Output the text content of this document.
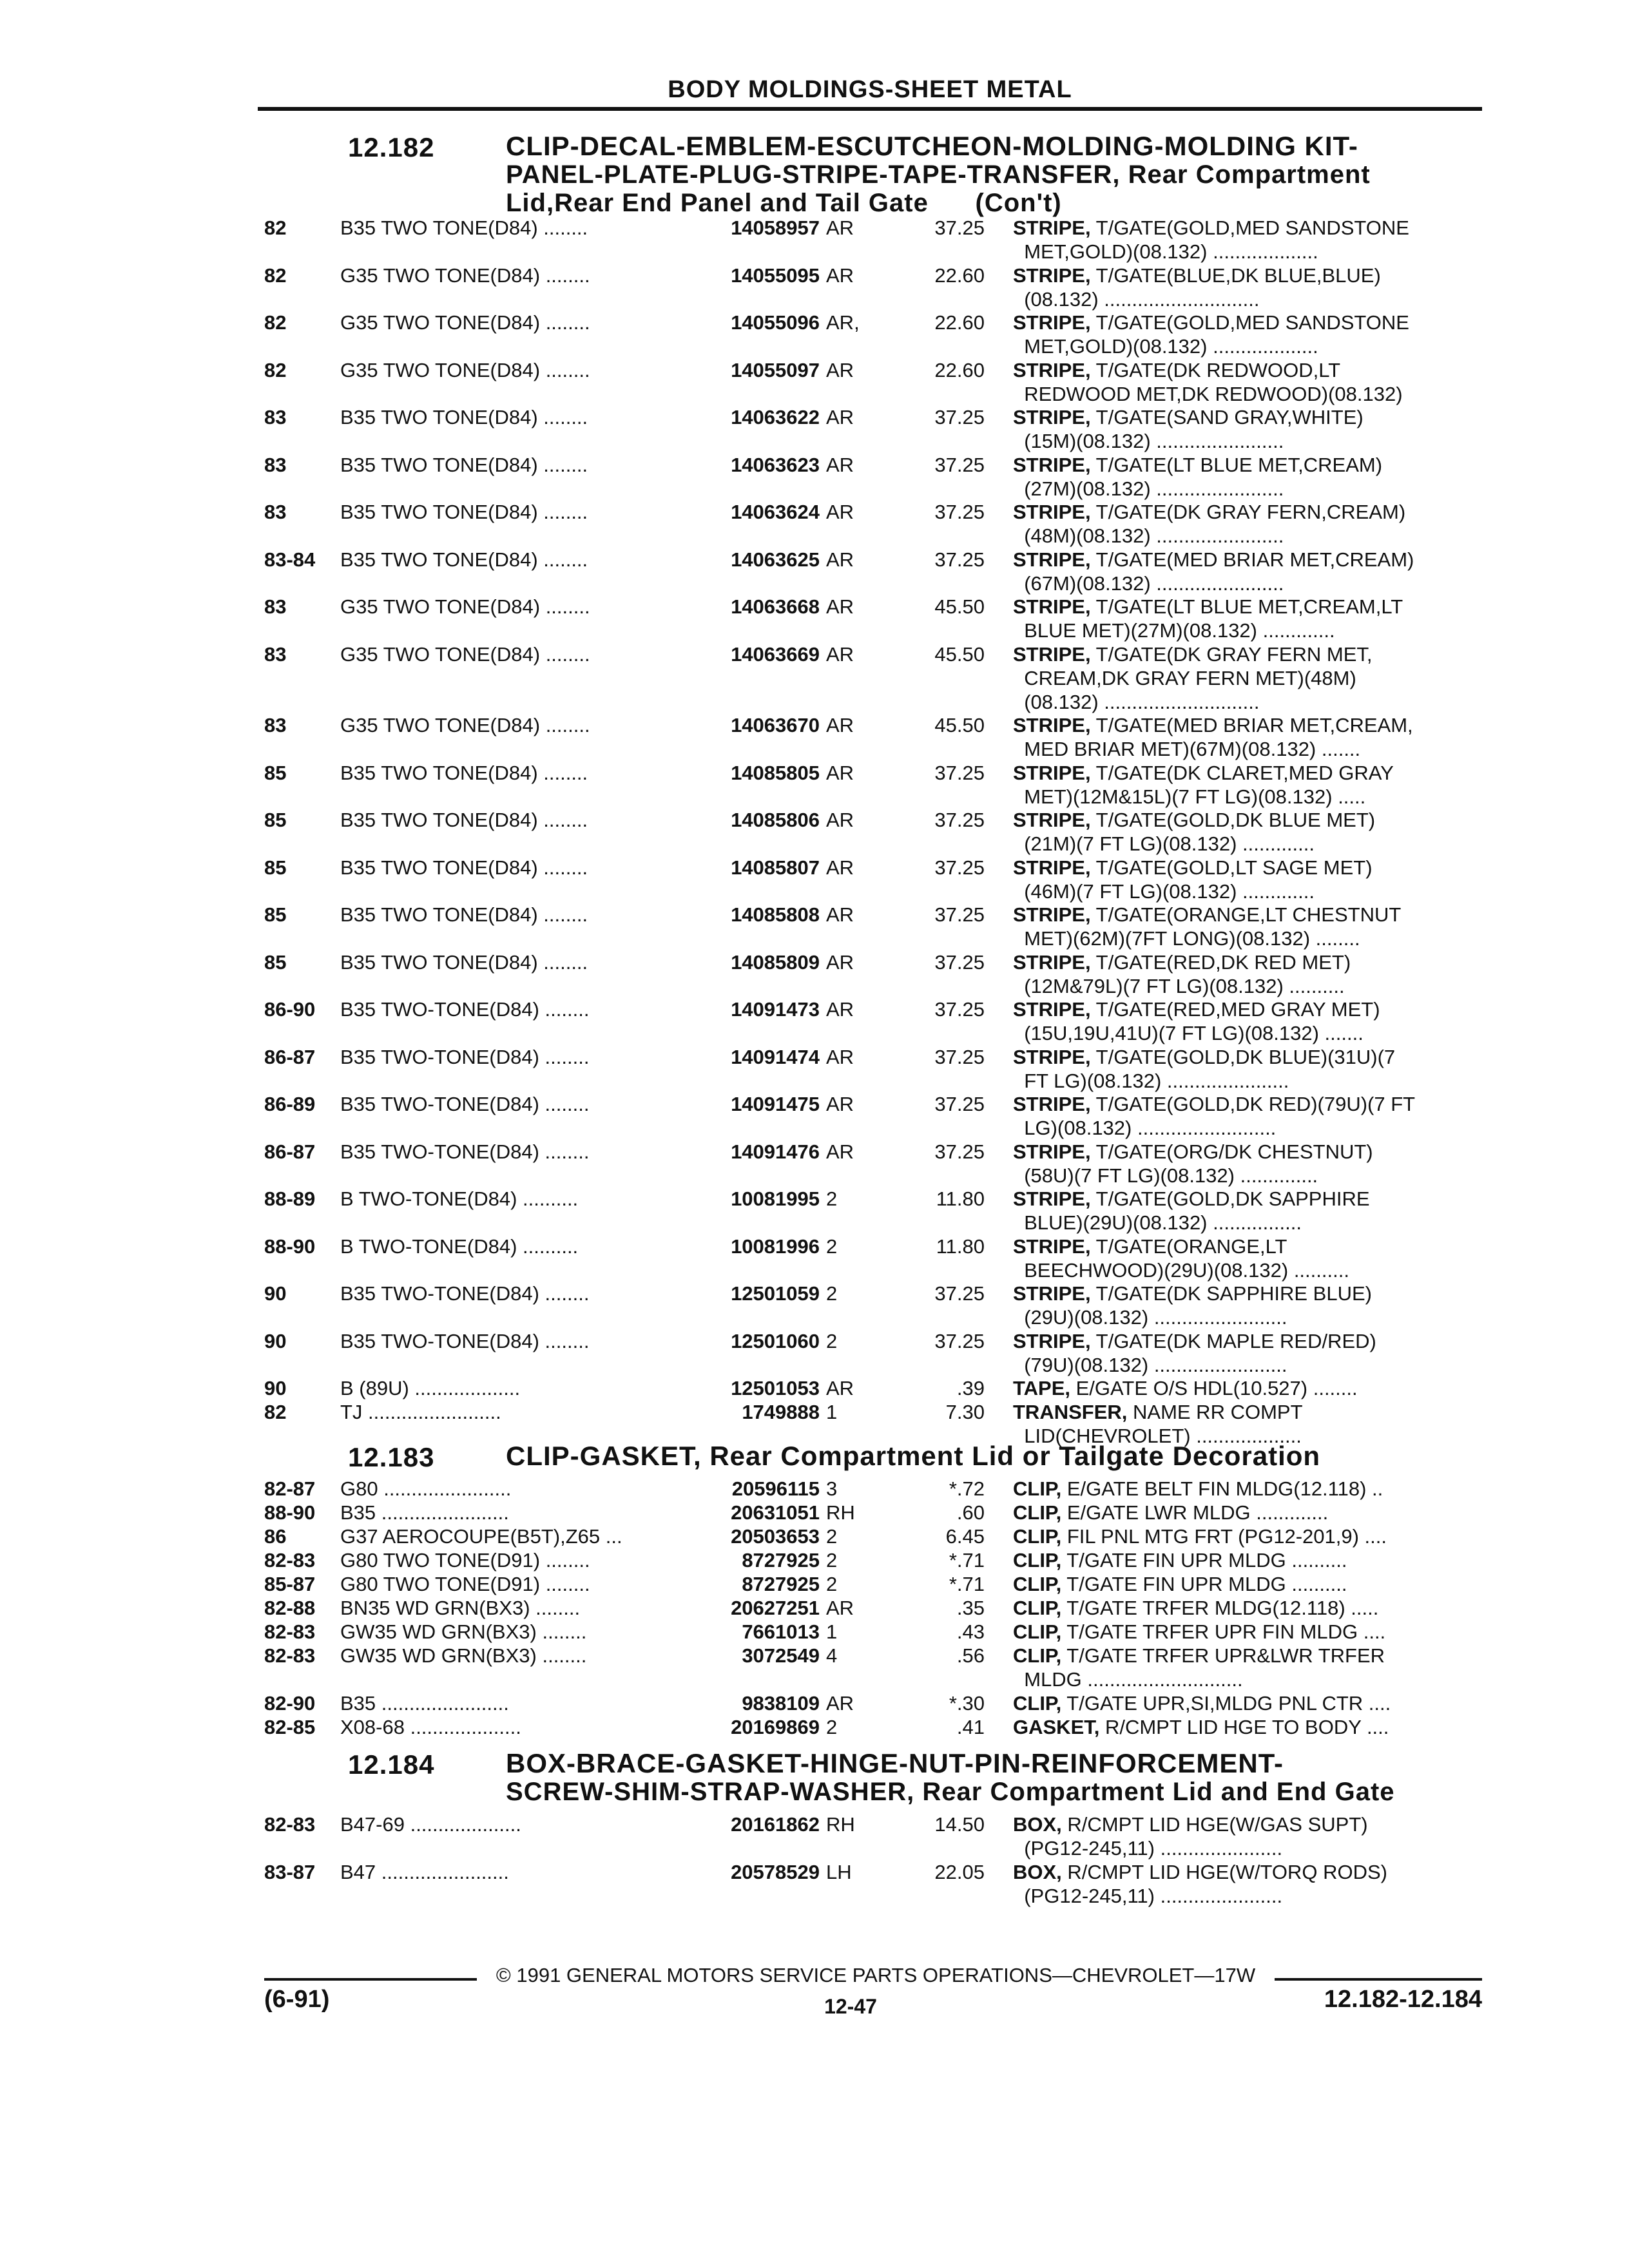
BODY MOLDINGS-SHEET METAL
12.182	CLIP-DECAL-EMBLEM-ESCUTCHEON-MOLDING-MOLDING KIT-
PANEL-PLATE-PLUG-STRIPE-TAPE-TRANSFER, Rear Compartment
Lid,Rear End Panel and Tail Gate      (Con't)
82	B35 TWO TONE(D84) ........	14058957 AR	37.25 STRIPE, T/GATE(GOLD,MED SANDSTONE
MET,GOLD)(08.132) ...................
82	G35 TWO TONE(D84) ........	14055095 AR	22.60 STRIPE, T/GATE(BLUE,DK BLUE,BLUE)
(08.132) ............................
82	G35 TWO TONE(D84) ........	14055096 AR,	22.60 STRIPE, T/GATE(GOLD,MED SANDSTONE
MET,GOLD)(08.132) ...................
82	G35 TWO TONE(D84) ........	14055097 AR	22.60 STRIPE, T/GATE(DK REDWOOD,LT
REDWOOD MET,DK REDWOOD)(08.132)
83	B35 TWO TONE(D84) ........	14063622 AR	37.25 STRIPE, T/GATE(SAND GRAY,WHITE)
(15M)(08.132) .......................
83	B35 TWO TONE(D84) ........	14063623 AR	37.25 STRIPE, T/GATE(LT BLUE MET,CREAM)
(27M)(08.132) .......................
83	B35 TWO TONE(D84) ........	14063624 AR	37.25 STRIPE, T/GATE(DK GRAY FERN,CREAM)
(48M)(08.132) .......................
83-84 B35 TWO TONE(D84) ........	14063625 AR	37.25 STRIPE, T/GATE(MED BRIAR MET,CREAM)
(67M)(08.132) .......................
83	G35 TWO TONE(D84) ........	14063668 AR	45.50 STRIPE, T/GATE(LT BLUE MET,CREAM,LT
BLUE MET)(27M)(08.132) .............
83	G35 TWO TONE(D84) ........	14063669 AR	45.50 STRIPE, T/GATE(DK GRAY FERN MET,
CREAM,DK GRAY FERN MET)(48M)
(08.132) ............................
83	G35 TWO TONE(D84) ........	14063670 AR	45.50 STRIPE, T/GATE(MED BRIAR MET,CREAM,
MED BRIAR MET)(67M)(08.132) .......
85	B35 TWO TONE(D84) ........	14085805 AR	37.25 STRIPE, T/GATE(DK CLARET,MED GRAY
MET)(12M&15L)(7 FT LG)(08.132) .....
85	B35 TWO TONE(D84) ........	14085806 AR	37.25 STRIPE, T/GATE(GOLD,DK BLUE MET)
(21M)(7 FT LG)(08.132) .............
85	B35 TWO TONE(D84) ........	14085807 AR	37.25 STRIPE, T/GATE(GOLD,LT SAGE MET)
(46M)(7 FT LG)(08.132) .............
85	B35 TWO TONE(D84) ........	14085808 AR	37.25 STRIPE, T/GATE(ORANGE,LT CHESTNUT
MET)(62M)(7FT LONG)(08.132) ........
85	B35 TWO TONE(D84) ........	14085809 AR	37.25 STRIPE, T/GATE(RED,DK RED MET)
(12M&79L)(7 FT LG)(08.132) ..........
86-90 B35 TWO-TONE(D84) ........	14091473 AR	37.25 STRIPE, T/GATE(RED,MED GRAY MET)
(15U,19U,41U)(7 FT LG)(08.132) .......
86-87 B35 TWO-TONE(D84) ........	14091474 AR	37.25 STRIPE, T/GATE(GOLD,DK BLUE)(31U)(7
FT LG)(08.132) ......................
86-89 B35 TWO-TONE(D84) ........	14091475 AR	37.25 STRIPE, T/GATE(GOLD,DK RED)(79U)(7 FT
LG)(08.132) .........................
86-87 B35 TWO-TONE(D84) ........	14091476 AR	37.25 STRIPE, T/GATE(ORG/DK CHESTNUT)
(58U)(7 FT LG)(08.132) ..............
88-89 B TWO-TONE(D84) ..........	10081995 2	11.80 STRIPE, T/GATE(GOLD,DK SAPPHIRE
BLUE)(29U)(08.132) ................
88-90 B TWO-TONE(D84) ..........	10081996 2	11.80 STRIPE, T/GATE(ORANGE,LT
BEECHWOOD)(29U)(08.132) ..........
90	B35 TWO-TONE(D84) ........	12501059 2	37.25 STRIPE, T/GATE(DK SAPPHIRE BLUE)
(29U)(08.132) ........................
90	B35 TWO-TONE(D84) ........	12501060 2	37.25 STRIPE, T/GATE(DK MAPLE RED/RED)
(79U)(08.132) ........................
90	B (89U) ...................	12501053 AR	.39 TAPE, E/GATE O/S HDL(10.527) ........
82	TJ ........................	1749888 1	7.30 TRANSFER, NAME RR COMPT
LID(CHEVROLET) ...................
12.183	CLIP-GASKET, Rear Compartment Lid or Tailgate Decoration
82-87 G80 .......................	20596115 3	*.72 CLIP, E/GATE BELT FIN MLDG(12.118) ..
88-90 B35 .......................	20631051 RH	.60 CLIP, E/GATE LWR MLDG .............
86	G37 AEROCOUPE(B5T),Z65 ...	20503653 2	6.45 CLIP, FIL PNL MTG FRT (PG12-201,9) ....
82-83 G80 TWO TONE(D91) ........	8727925 2	*.71 CLIP, T/GATE FIN UPR MLDG ..........
85-87 G80 TWO TONE(D91) ........	8727925 2	*.71 CLIP, T/GATE FIN UPR MLDG ..........
82-88 BN35 WD GRN(BX3) ........	20627251 AR	.35 CLIP, T/GATE TRFER MLDG(12.118) .....
82-83 GW35 WD GRN(BX3) ........	7661013 1	.43 CLIP, T/GATE TRFER UPR FIN MLDG ....
82-83 GW35 WD GRN(BX3) ........	3072549 4	.56 CLIP, T/GATE TRFER UPR&LWR TRFER
MLDG ............................
82-90 B35 .......................	9838109 AR	*.30 CLIP, T/GATE UPR,SI,MLDG PNL CTR ....
82-85 X08-68 ....................	20169869 2	.41 GASKET, R/CMPT LID HGE TO BODY ....
12.184	BOX-BRACE-GASKET-HINGE-NUT-PIN-REINFORCEMENT-
SCREW-SHIM-STRAP-WASHER, Rear Compartment Lid and End Gate
82-83 B47-69 ....................	20161862 RH	14.50 BOX, R/CMPT LID HGE(W/GAS SUPT)
(PG12-245,11) ......................
83-87 B47 .......................	20578529 LH	22.05 BOX, R/CMPT LID HGE(W/TORQ RODS)
(PG12-245,11) ......................
© 1991 GENERAL MOTORS SERVICE PARTS OPERATIONS—CHEVROLET—17W
(6-91)	12-47	12.182-12.184
